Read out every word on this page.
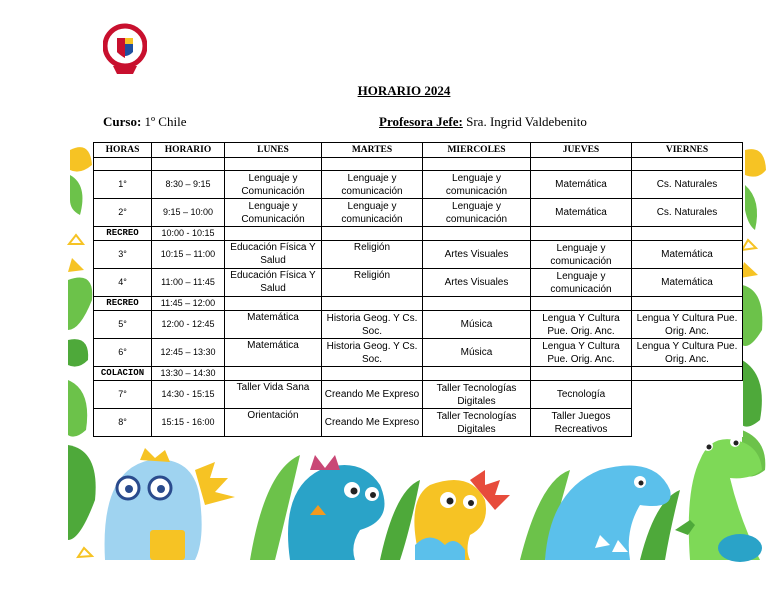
HORARIO 2024
Curso: 1º Chile	Profesora Jefe: Sra. Ingrid Valdebenito
HORAS	HORARIO	LUNES	MARTES	MIERCOLES	JUEVES	VIERNES

1°	8:30 – 9:15	Lenguaje y Comunicación	Lenguaje y comunicación	Lenguaje y comunicación	Matemática	Cs. Naturales
2°	9:15 – 10:00	Lenguaje y Comunicación	Lenguaje y comunicación	Lenguaje y comunicación	Matemática	Cs. Naturales
RECREO	10:00 - 10:15					
3°	10:15 – 11:00	Educación Física Y Salud	Religión	Artes Visuales	Lenguaje y comunicación	Matemática
4°	11:00 – 11:45	Educación Física Y Salud	Religión	Artes Visuales	Lenguaje y comunicación	Matemática
RECREO	11:45 – 12:00					
5°	12:00 - 12:45	Matemática	Historia Geog. Y Cs. Soc.	Música	Lengua Y Cultura Pue. Orig. Anc.	Lengua Y Cultura Pue. Orig. Anc.
6°	12:45 – 13:30	Matemática	Historia Geog. Y Cs. Soc.	Música	Lengua Y Cultura Pue. Orig. Anc.	Lengua Y Cultura Pue. Orig. Anc.
COLACION	13:30 – 14:30					
7°	14:30 - 15:15	Taller Vida Sana	Creando Me Expreso	Taller Tecnologías Digitales	Tecnología	
8°	15:15 - 16:00	Orientación	Creando Me Expreso	Taller Tecnologías Digitales	Taller Juegos Recreativos	
